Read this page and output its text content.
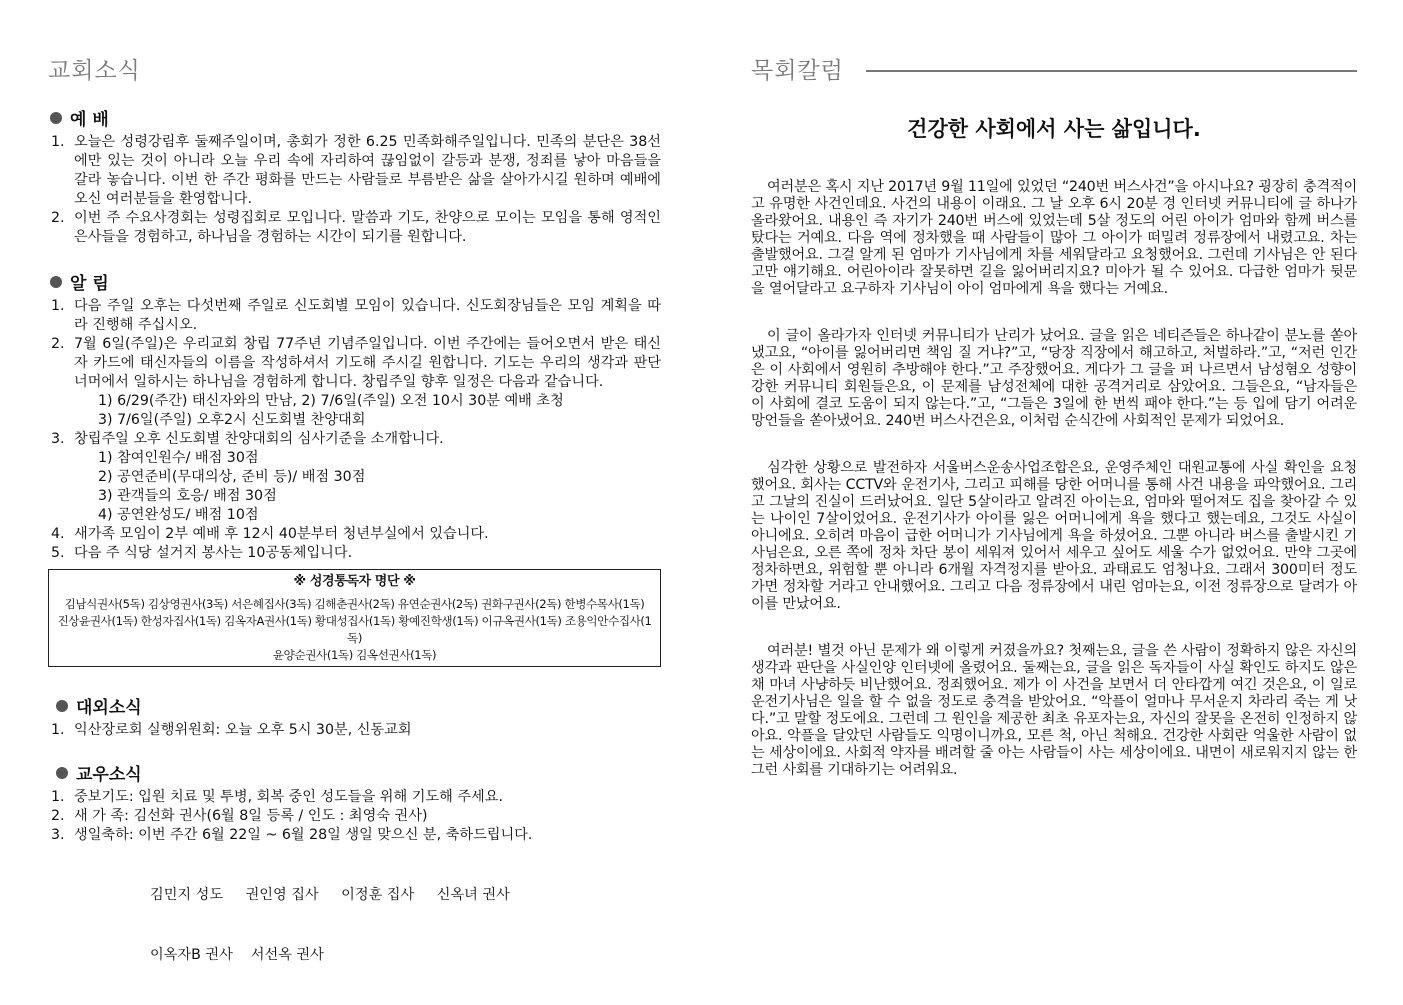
교회소식
예 배
1. 오늘은 성령강림후 둘째주일이며, 총회가 정한 6.25 민족화해주일입니다. 민족의 분단은 38선에만 있는 것이 아니라 오늘 우리 속에 자리하여 끊임없이 갈등과 분쟁, 정죄를 낳아 마음들을 갈라 놓습니다. 이번 한 주간 평화를 만드는 사람들로 부름받은 삶을 살아가시길 원하며 예배에 오신 여러분들을 환영합니다.
2. 이번 주 수요사경회는 성령집회로 모입니다. 말씀과 기도, 찬양으로 모이는 모임을 통해 영적인 은사들을 경험하고, 하나님을 경험하는 시간이 되기를 원합니다.
알 림
1. 다음 주일 오후는 다섯번째 주일로 신도회별 모임이 있습니다. 신도회장님들은 모임 계획을 따라 진행해 주십시오.
2. 7월 6일(주일)은 우리교회 창립 77주년 기념주일입니다. 이번 주간에는 들어오면서 받은 태신자 카드에 태신자들의 이름을 작성하셔서 기도해 주시길 원합니다. 기도는 우리의 생각과 판단 너머에서 일하시는 하나님을 경험하게 합니다. 창립주일 향후 일정은 다음과 같습니다.
1) 6/29(주간) 태신자와의 만남, 2) 7/6일(주일) 오전 10시 30분 예배 초청
3) 7/6일(주일) 오후2시 신도회별 찬양대회
3. 창립주일 오후 신도회별 찬양대회의 심사기준을 소개합니다.
1) 참여인원수/ 배점 30점
2) 공연준비(무대의상, 준비 등)/ 배점 30점
3) 관객들의 호응/ 배점 30점
4) 공연완성도/ 배점 10점
4. 새가족 모임이 2부 예배 후 12시 40분부터 청년부실에서 있습니다.
5. 다음 주 식당 설거지 봉사는 10공동체입니다.
※ 성경통독자 명단 ※
김남식권사(5독) 김상영권사(3독) 서은혜집사(3독) 김해춘권사(2독) 유연순권사(2독) 권화구권사(2독) 한병수목사(1독)
진상윤권사(1독) 한성자집사(1독) 김옥자A권사(1독) 황대성집사(1독) 황예진학생(1독) 이규옥권사(1독) 조용익안수집사(1독)
윤양순권사(1독) 김옥선권사(1독)
대외소식
1. 익산장로회 실행위원회: 오늘 오후 5시 30분, 신동교회
교우소식
1. 중보기도: 입원 치료 및 투병, 회복 중인 성도들을 위해 기도해 주세요.
2. 새 가 족: 김선화 권사(6월 8일 등록 / 인도 : 최영숙 권사)
3. 생일축하: 이번 주간 6월 22일 ~ 6월 28일 생일 맞으신 분, 축하드립니다.

김민지 성도     권인영 집사     이정훈 집사     신옥녀 권사

이옥자B 권사    서선옥 권사

목회칼럼
건강한 사회에서 사는 삶입니다.

여러분은 혹시 지난 2017년 9월 11일에 있었던 “240번 버스사건”을 아시나요? 굉장히 충격적이고 유명한 사건인데요. 사건의 내용이 이래요. 그 날 오후 6시 20분 경 인터넷 커뮤니티에 글 하나가 올라왔어요. 내용인 즉 자기가 240번 버스에 있었는데 5살 정도의 어린 아이가 엄마와 함께 버스를 탔다는 거예요. 다음 역에 정차했을 때 사람들이 많아 그 아이가 떠밀려 정류장에서 내렸고요. 차는 출발했어요. 그걸 알게 된 엄마가 기사님에게 차를 세워달라고 요청했어요. 그런데 기사님은 안 된다고만 얘기해요. 어린아이라 잘못하면 길을 잃어버리지요? 미아가 될 수 있어요. 다급한 엄마가 뒷문을 열어달라고 요구하자 기사님이 아이 엄마에게 욕을 했다는 거예요.

이 글이 올라가자 인터넷 커뮤니티가 난리가 났어요. 글을 읽은 네티즌들은 하나같이 분노를 쏟아냈고요, “아이를 잃어버리면 책임 질 거냐?”고, “당장 직장에서 해고하고, 처벌하라.”고, “저런 인간은 이 사회에서 영원히 추방해야 한다.”고 주장했어요. 게다가 그 글을 퍼 나르면서 남성혐오 성향이 강한 커뮤니티 회원들은요, 이 문제를 남성전체에 대한 공격거리로 삼았어요. 그들은요, “남자들은 이 사회에 결코 도움이 되지 않는다.”고, “그들은 3일에 한 번씩 패야 한다.”는 등 입에 담기 어려운 망언들을 쏟아냈어요. 240번 버스사건은요, 이처럼 순식간에 사회적인 문제가 되었어요.

심각한 상황으로 발전하자 서울버스운송사업조합은요, 운영주체인 대원교통에 사실 확인을 요청했어요. 회사는 CCTV와 운전기사, 그리고 피해를 당한 어머니를 통해 사건 내용을 파악했어요. 그리고 그날의 진실이 드러났어요. 일단 5살이라고 알려진 아이는요, 엄마와 떨어져도 집을 찾아갈 수 있는 나이인 7살이었어요. 운전기사가 아이를 잃은 어머니에게 욕을 했다고 했는데요, 그것도 사실이 아니에요. 오히려 마음이 급한 어머니가 기사님에게 욕을 하셨어요. 그뿐 아니라 버스를 출발시킨 기사님은요, 오른 쪽에 정차 차단 봉이 세워져 있어서 세우고 싶어도 세울 수가 없었어요. 만약 그곳에 정차하면요, 위험할 뿐 아니라 6개월 자격정지를 받아요. 과태료도 엄청나요. 그래서 300미터 정도 가면 정차할 거라고 안내했어요. 그리고 다음 정류장에서 내린 엄마는요, 이전 정류장으로 달려가 아이를 만났어요.

여러분! 별것 아닌 문제가 왜 이렇게 커졌을까요? 첫째는요, 글을 쓴 사람이 정확하지 않은 자신의 생각과 판단을 사실인양 인터넷에 올렸어요. 둘째는요, 글을 읽은 독자들이 사실 확인도 하지도 않은 채 마녀 사냥하듯 비난했어요. 정죄했어요. 제가 이 사건을 보면서 더 안타깝게 여긴 것은요, 이 일로 운전기사님은 일을 할 수 없을 정도로 충격을 받았어요. “악플이 얼마나 무서운지 차라리 죽는 게 낫다.”고 말할 정도에요. 그런데 그 원인을 제공한 최초 유포자는요, 자신의 잘못을 온전히 인정하지 않아요. 악플을 달았던 사람들도 익명이니까요, 모른 척, 아닌 척해요. 건강한 사회란 억울한 사람이 없는 세상이에요. 사회적 약자를 배려할 줄 아는 사람들이 사는 세상이에요. 내면이 새로워지지 않는 한 그런 사회를 기대하기는 어려워요.
